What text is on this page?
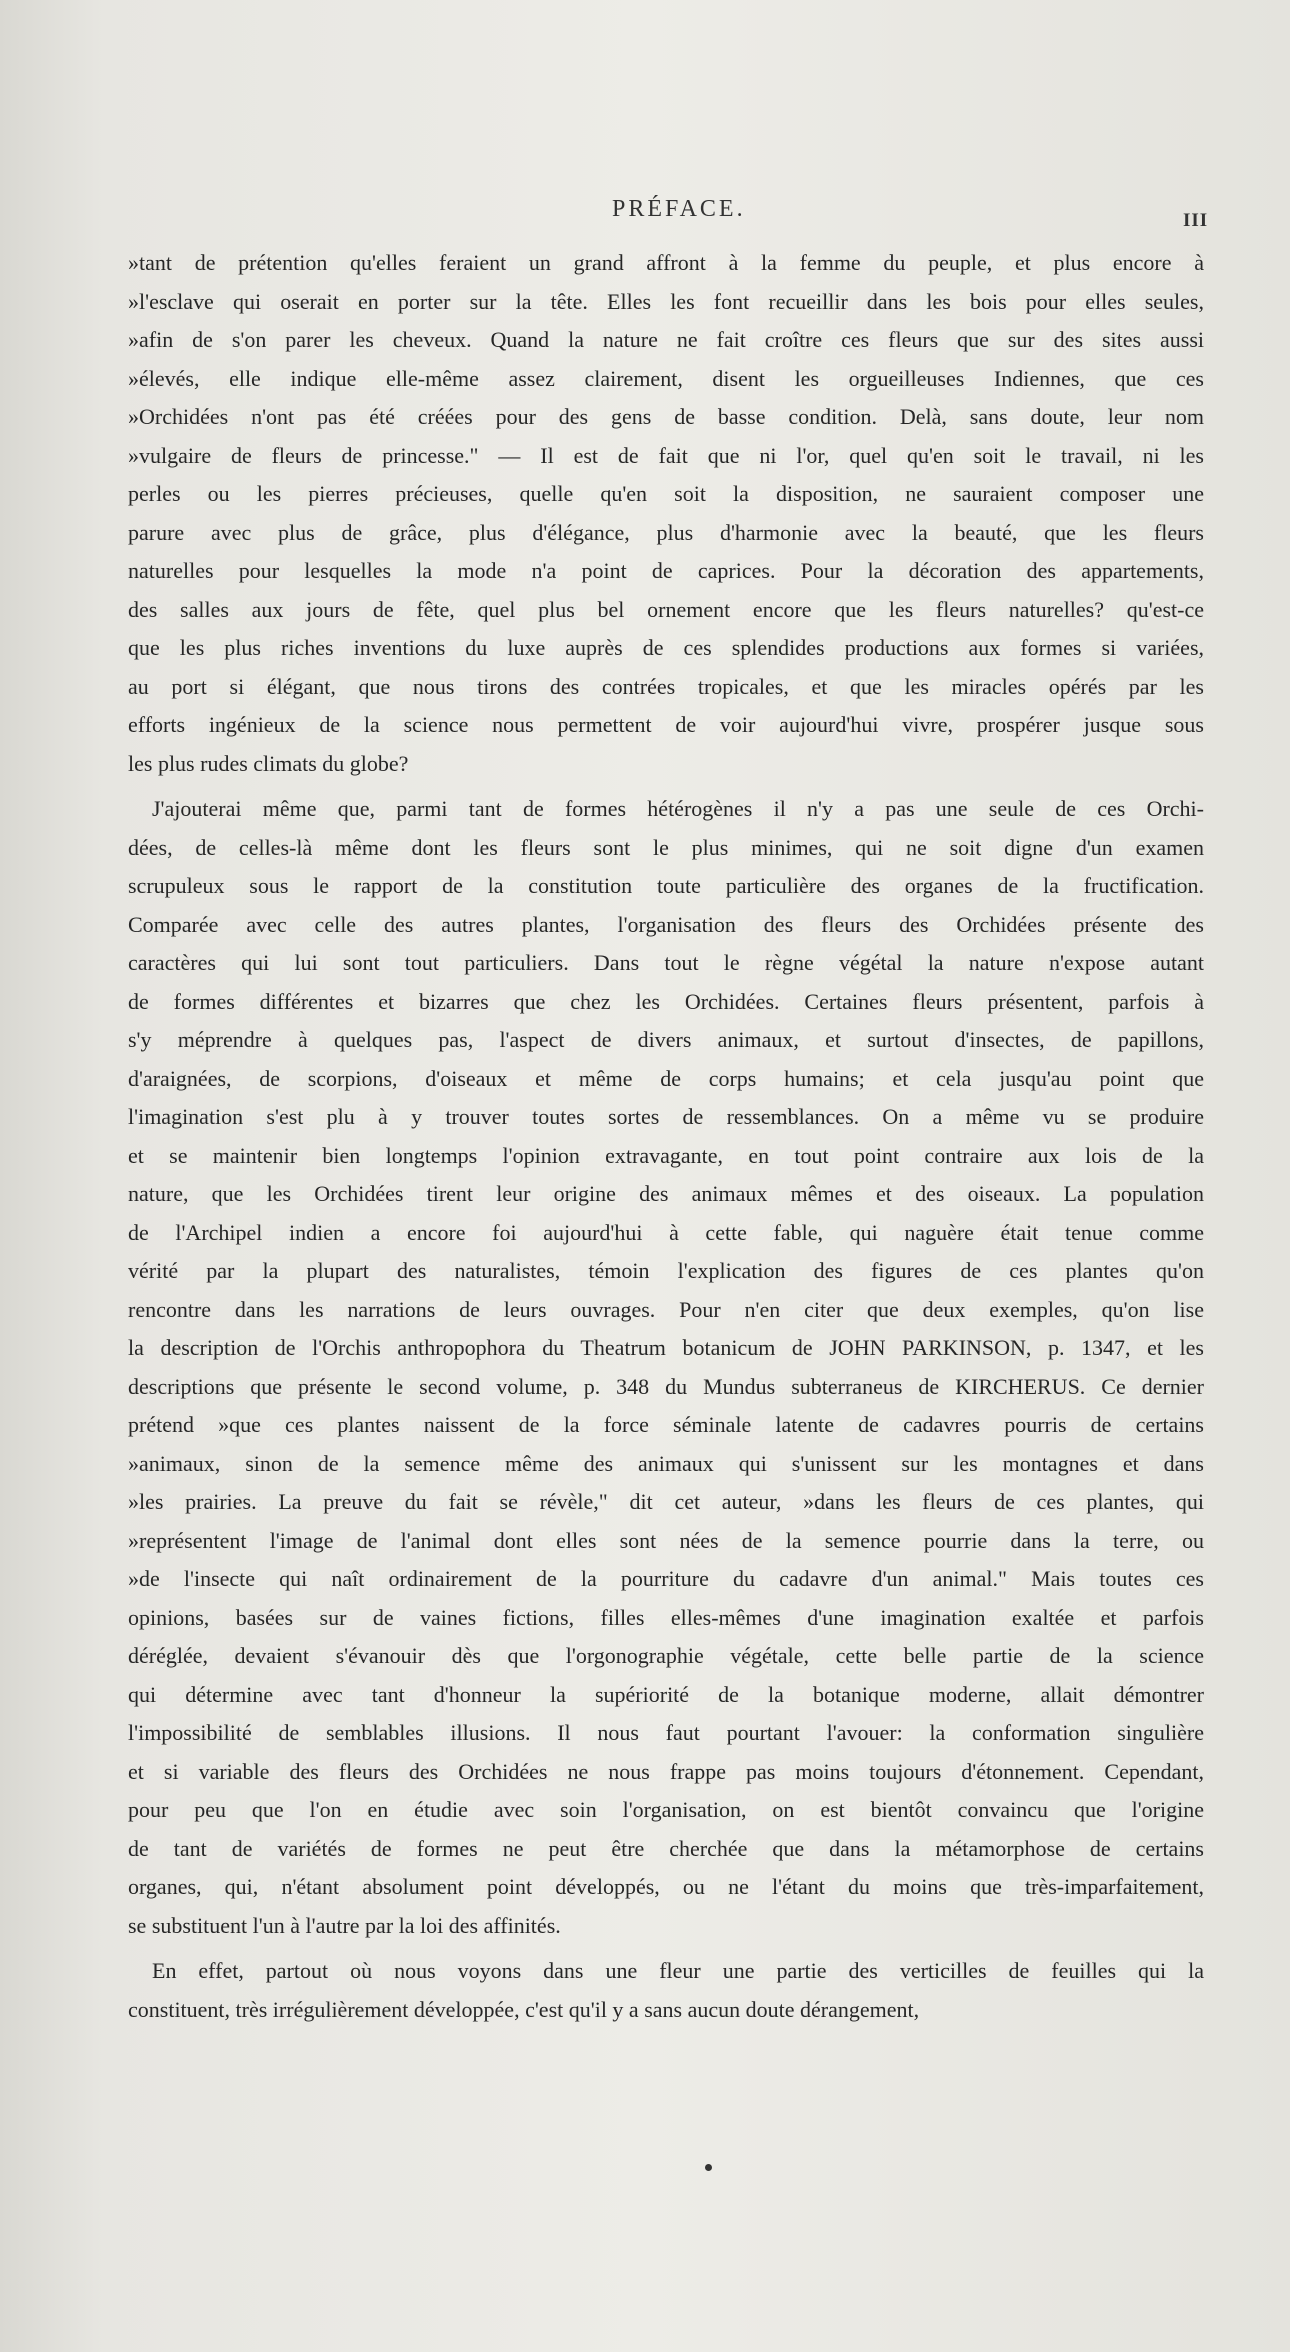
PRÉFACE.	III
»tant de prétention qu'elles feraient un grand affront à la femme du peuple, et plus encore à
»l'esclave qui oserait en porter sur la tête. Elles les font recueillir dans les bois pour elles seules,
»afin de s'on parer les cheveux. Quand la nature ne fait croître ces fleurs que sur des sites aussi
»élevés, elle indique elle-même assez clairement, disent les orgueilleuses Indiennes, que ces
»Orchidées n'ont pas été créées pour des gens de basse condition. Delà, sans doute, leur nom
»vulgaire de fleurs de princesse." — Il est de fait que ni l'or, quel qu'en soit le travail, ni les
perles ou les pierres précieuses, quelle qu'en soit la disposition, ne sauraient composer une
parure avec plus de grâce, plus d'élégance, plus d'harmonie avec la beauté, que les fleurs
naturelles pour lesquelles la mode n'a point de caprices. Pour la décoration des appartements,
des salles aux jours de fête, quel plus bel ornement encore que les fleurs naturelles? qu'est-ce
que les plus riches inventions du luxe auprès de ces splendides productions aux formes si variées,
au port si élégant, que nous tirons des contrées tropicales, et que les miracles opérés par les
efforts ingénieux de la science nous permettent de voir aujourd'hui vivre, prospérer jusque sous
les plus rudes climats du globe?
J'ajouterai même que, parmi tant de formes hétérogènes il n'y a pas une seule de ces Orchi-
dées, de celles-là même dont les fleurs sont le plus minimes, qui ne soit digne d'un examen
scrupuleux sous le rapport de la constitution toute particulière des organes de la fructification.
Comparée avec celle des autres plantes, l'organisation des fleurs des Orchidées présente des
caractères qui lui sont tout particuliers. Dans tout le règne végétal la nature n'expose autant
de formes différentes et bizarres que chez les Orchidées. Certaines fleurs présentent, parfois à
s'y méprendre à quelques pas, l'aspect de divers animaux, et surtout d'insectes, de papillons,
d'araignées, de scorpions, d'oiseaux et même de corps humains; et cela jusqu'au point que
l'imagination s'est plu à y trouver toutes sortes de ressemblances. On a même vu se produire
et se maintenir bien longtemps l'opinion extravagante, en tout point contraire aux lois de la
nature, que les Orchidées tirent leur origine des animaux mêmes et des oiseaux. La population
de l'Archipel indien a encore foi aujourd'hui à cette fable, qui naguère était tenue comme
vérité par la plupart des naturalistes, témoin l'explication des figures de ces plantes qu'on
rencontre dans les narrations de leurs ouvrages. Pour n'en citer que deux exemples, qu'on lise
la description de l'Orchis anthropophora du Theatrum botanicum de JOHN PARKINSON, p. 1347, et les
descriptions que présente le second volume, p. 348 du Mundus subterraneus de KIRCHERUS. Ce dernier
prétend »que ces plantes naissent de la force séminale latente de cadavres pourris de certains
»animaux, sinon de la semence même des animaux qui s'unissent sur les montagnes et dans
»les prairies. La preuve du fait se révèle," dit cet auteur, »dans les fleurs de ces plantes, qui
»représentent l'image de l'animal dont elles sont nées de la semence pourrie dans la terre, ou
»de l'insecte qui naît ordinairement de la pourriture du cadavre d'un animal." Mais toutes ces
opinions, basées sur de vaines fictions, filles elles-mêmes d'une imagination exaltée et parfois
déréglée, devaient s'évanouir dès que l'orgonographie végétale, cette belle partie de la science
qui détermine avec tant d'honneur la supériorité de la botanique moderne, allait démontrer
l'impossibilité de semblables illusions. Il nous faut pourtant l'avouer: la conformation singulière
et si variable des fleurs des Orchidées ne nous frappe pas moins toujours d'étonnement. Cependant,
pour peu que l'on en étudie avec soin l'organisation, on est bientôt convaincu que l'origine
de tant de variétés de formes ne peut être cherchée que dans la métamorphose de certains
organes, qui, n'étant absolument point développés, ou ne l'étant du moins que très-imparfaitement,
se substituent l'un à l'autre par la loi des affinités.
En effet, partout où nous voyons dans une fleur une partie des verticilles de feuilles qui la
constituent, très irrégulièrement développée, c'est qu'il y a sans aucun doute dérangement,
